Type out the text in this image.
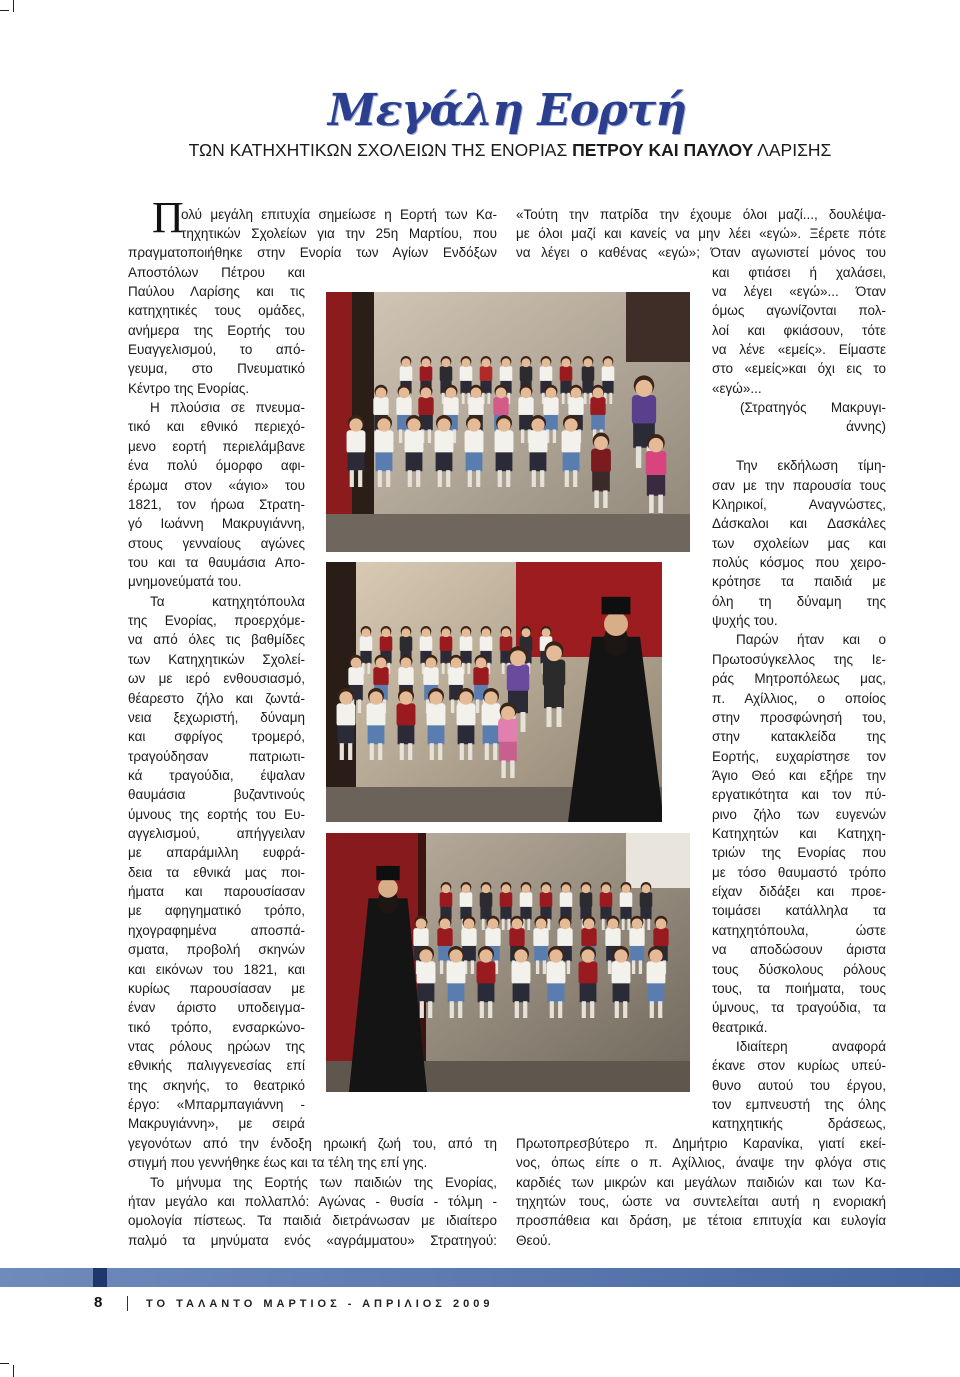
Μεγάλη Εορτή
ΤΩΝ ΚΑΤΗΧΗΤΙΚΩΝ ΣΧΟΛΕΙΩΝ ΤΗΣ ΕΝΟΡΙΑΣ ΠΕΤΡΟΥ ΚΑΙ ΠΑΥΛΟΥ ΛΑΡΙΣΗΣ
Π
ολύ μεγάλη επιτυχία σημείωσε η Εορτή των Κα-
τηχητικών Σχολείων για την 25η Μαρτίου, που
πραγματοποιήθηκε στην Ενορία των Αγίων Ενδόξων
Αποστόλων Πέτρου και
Παύλου Λαρίσης και τις
κατηχητικές τους ομάδες,
ανήμερα της Εορτής του
Ευαγγελισμού, το από-
γευμα, στο Πνευματικό
Κέντρο της Ενορίας.
Η πλούσια σε πνευμα-
τικό και εθνικό περιεχό-
μενο εορτή περιελάμβανε
ένα πολύ όμορφο αφι-
έρωμα στον «άγιο» του
1821, τον ήρωα Στρατη-
γό Ιωάννη Μακρυγιάννη,
στους γενναίους αγώνες
του και τα θαυμάσια Απο-
μνημονεύματά του.
Τα κατηχητόπουλα
της Ενορίας, προερχόμε-
να από όλες τις βαθμίδες
των Κατηχητικών Σχολεί-
ων με ιερό ενθουσιασμό,
θέαρεστο ζήλο και ζωντά-
νεια ξεχωριστή, δύναμη
και σφρίγος τρομερό,
τραγούδησαν πατριωτι-
κά τραγούδια, έψαλαν
θαυμάσια βυζαντινούς
ύμνους της εορτής του Ευ-
αγγελισμού, απήγγειλαν
με απαράμιλλη ευφρά-
δεια τα εθνικά μας ποι-
ήματα και παρουσίασαν
με αφηγηματικό τρόπο,
ηχογραφημένα αποσπά-
σματα, προβολή σκηνών
και εικόνων του 1821, και
κυρίως παρουσίασαν με
έναν άριστο υποδειγμα-
τικό τρόπο, ενσαρκώνο-
ντας ρόλους ηρώων της
εθνικής παλιγγενεσίας επί
της σκηνής, το θεατρικό
έργο: «Μπαρμπαγιάννη -
Μακρυγιάννη», με σειρά
γεγονότων από την ένδοξη ηρωική ζωή του, από τη
στιγμή που γεννήθηκε έως και τα τέλη της επί γης.
Το μήνυμα της Εορτής των παιδιών της Ενορίας,
ήταν μεγάλο και πολλαπλό: Αγώνας - θυσία - τόλμη -
ομολογία πίστεως. Τα παιδιά διετράνωσαν με ιδιαίτερο
παλμό τα μηνύματα ενός «αγράμματου» Στρατηγού:
«Τούτη την πατρίδα την έχουμε όλοι μαζί..., δουλέψα-
με όλοι μαζί και κανείς να μην λέει «εγώ». Ξέρετε πότε
να λέγει ο καθένας «εγώ»; Όταν αγωνιστεί μόνος του
και φτιάσει ή χαλάσει,
να λέγει «εγώ»... Όταν
όμως αγωνίζονται πολ-
λοί και φκιάσουν, τότε
να λένε «εμείς». Είμαστε
στο «εμείς»και όχι εις το
«εγώ»...
(Στρατηγός Μακρυγι-
άννης)
Την εκδήλωση τίμη-
σαν με την παρουσία τους
Κληρικοί, Αναγνώστες,
Δάσκαλοι και Δασκάλες
των σχολείων μας και
πολύς κόσμος που χειρο-
κρότησε τα παιδιά με
όλη τη δύναμη της
ψυχής του.
Παρών ήταν και ο
Πρωτοσύγκελλος της Ιε-
ράς Μητροπόλεως μας,
π. Αχίλλιος, ο οποίος
στην προσφώνησή του,
στην κατακλείδα της
Εορτής, ευχαρίστησε τον
Άγιο Θεό και εξήρε την
εργατικότητα και τον πύ-
ρινο ζήλο των ευγενών
Κατηχητών και Κατηχη-
τριών της Ενορίας που
με τόσο θαυμαστό τρόπο
είχαν διδάξει και προε-
τοιμάσει κατάλληλα τα
κατηχητόπουλα, ώστε
να αποδώσουν άριστα
τους δύσκολους ρόλους
τους, τα ποιήματα, τους
ύμνους, τα τραγούδια, τα
θεατρικά.
Ιδιαίτερη αναφορά
έκανε στον κυρίως υπεύ-
θυνο αυτού του έργου,
τον εμπνευστή της όλης
κατηχητικής δράσεως,
Πρωτοπρεσβύτερο π. Δημήτριο Καρανίκα, γιατί εκεί-
νος, όπως είπε ο π. Αχίλλιος, άναψε την φλόγα στις
καρδιές των μικρών και μεγάλων παιδιών και των Κα-
τηχητών τους, ώστε να συντελείται αυτή η ενοριακή
προσπάθεια και δράση, με τέτοια επιτυχία και ευλογία
Θεού.
8	ΤΟ ΤΑΛΑΝΤΟ ΜΑΡΤΙΟΣ - ΑΠΡΙΛΙΟΣ 2009
